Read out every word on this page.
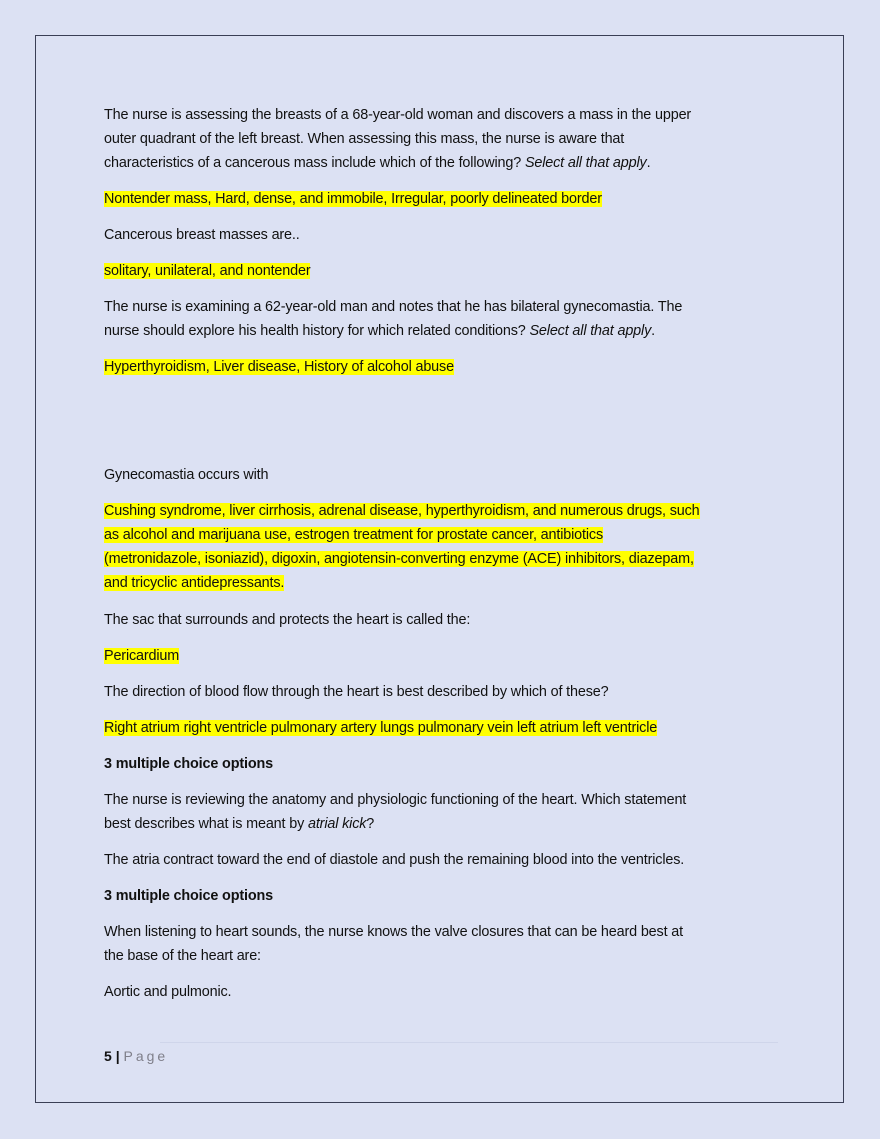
The nurse is assessing the breasts of a 68-year-old woman and discovers a mass in the upper
outer quadrant of the left breast. When assessing this mass, the nurse is aware that
characteristics of a cancerous mass include which of the following? Select all that apply.
Nontender mass, Hard, dense, and immobile, Irregular, poorly delineated border
Cancerous breast masses are..
solitary, unilateral, and nontender
The nurse is examining a 62-year-old man and notes that he has bilateral gynecomastia. The
nurse should explore his health history for which related conditions? Select all that apply.
Hyperthyroidism, Liver disease, History of alcohol abuse
Gynecomastia occurs with
Cushing syndrome, liver cirrhosis, adrenal disease, hyperthyroidism, and numerous drugs, such
as alcohol and marijuana use, estrogen treatment for prostate cancer, antibiotics
(metronidazole, isoniazid), digoxin, angiotensin-converting enzyme (ACE) inhibitors, diazepam,
and tricyclic antidepressants.
The sac that surrounds and protects the heart is called the:
Pericardium
The direction of blood flow through the heart is best described by which of these?
Right atrium right ventricle pulmonary artery lungs pulmonary vein left atrium left ventricle
3 multiple choice options
The nurse is reviewing the anatomy and physiologic functioning of the heart. Which statement
best describes what is meant by atrial kick?
The atria contract toward the end of diastole and push the remaining blood into the ventricles.
3 multiple choice options
When listening to heart sounds, the nurse knows the valve closures that can be heard best at
the base of the heart are:
Aortic and pulmonic.
5 | Page
